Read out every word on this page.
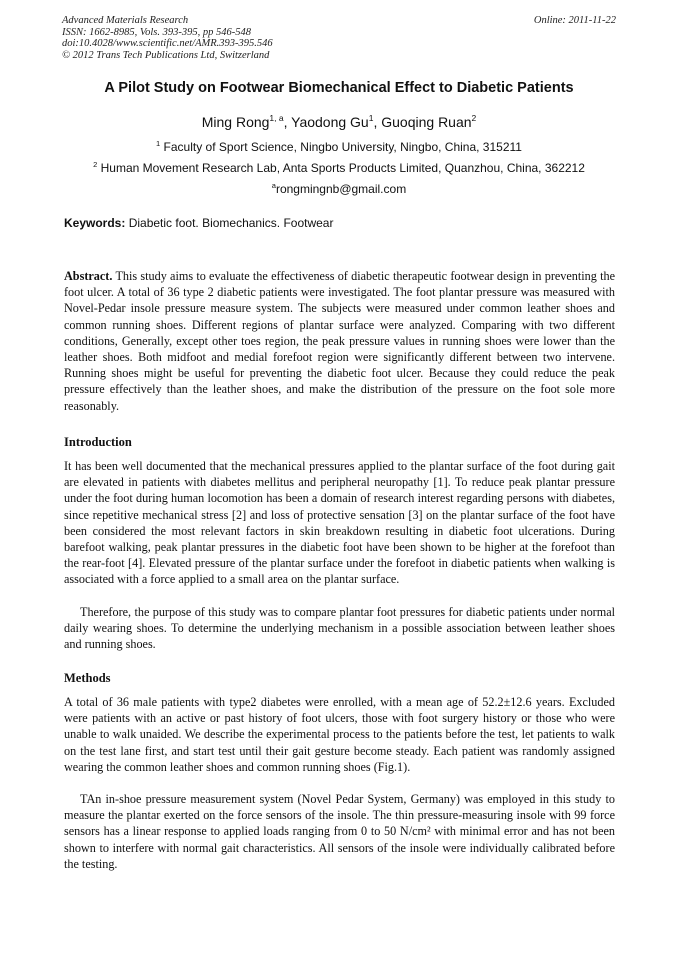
Advanced Materials Research
ISSN: 1662-8985, Vols. 393-395, pp 546-548
doi:10.4028/www.scientific.net/AMR.393-395.546
© 2012 Trans Tech Publications Ltd, Switzerland
Online: 2011-11-22
A Pilot Study on Footwear Biomechanical Effect to Diabetic Patients
Ming Rong$^{1, a}$, Yaodong Gu$^1$, Guoqing Ruan$^2$
$^1$ Faculty of Sport Science, Ningbo University, Ningbo, China, 315211
$^2$ Human Movement Research Lab, Anta Sports Products Limited, Quanzhou, China, 362212
$^a$rongmingnb@gmail.com
Keywords: Diabetic foot. Biomechanics. Footwear
Abstract. This study aims to evaluate the effectiveness of diabetic therapeutic footwear design in preventing the foot ulcer. A total of 36 type 2 diabetic patients were investigated. The foot plantar pressure was measured with Novel-Pedar insole pressure measure system. The subjects were measured under common leather shoes and common running shoes. Different regions of plantar surface were analyzed. Comparing with two different conditions, Generally, except other toes region, the peak pressure values in running shoes were lower than the leather shoes. Both midfoot and medial forefoot region were significantly different between two intervene. Running shoes might be useful for preventing the diabetic foot ulcer. Because they could reduce the peak pressure effectively than the leather shoes, and make the distribution of the pressure on the foot sole more reasonably.
Introduction
It has been well documented that the mechanical pressures applied to the plantar surface of the foot during gait are elevated in patients with diabetes mellitus and peripheral neuropathy [1]. To reduce peak plantar pressure under the foot during human locomotion has been a domain of research interest regarding persons with diabetes, since repetitive mechanical stress [2] and loss of protective sensation [3] on the plantar surface of the foot have been considered the most relevant factors in skin breakdown resulting in diabetic foot ulcerations. During barefoot walking, peak plantar pressures in the diabetic foot have been shown to be higher at the forefoot than the rear-foot [4]. Elevated pressure of the plantar surface under the forefoot in diabetic patients when walking is associated with a force applied to a small area on the plantar surface.
Therefore, the purpose of this study was to compare plantar foot pressures for diabetic patients under normal daily wearing shoes. To determine the underlying mechanism in a possible association between leather shoes and running shoes.
Methods
A total of 36 male patients with type2 diabetes were enrolled, with a mean age of 52.2±12.6 years. Excluded were patients with an active or past history of foot ulcers, those with foot surgery history or those who were unable to walk unaided. We describe the experimental process to the patients before the test, let patients to walk on the test lane first, and start test until their gait gesture become steady. Each patient was randomly assigned wearing the common leather shoes and common running shoes (Fig.1).
TAn in-shoe pressure measurement system (Novel Pedar System, Germany) was employed in this study to measure the plantar exerted on the force sensors of the insole. The thin pressure-measuring insole with 99 force sensors has a linear response to applied loads ranging from 0 to 50 N/cm² with minimal error and has not been shown to interfere with normal gait characteristics. All sensors of the insole were individually calibrated before the testing.
